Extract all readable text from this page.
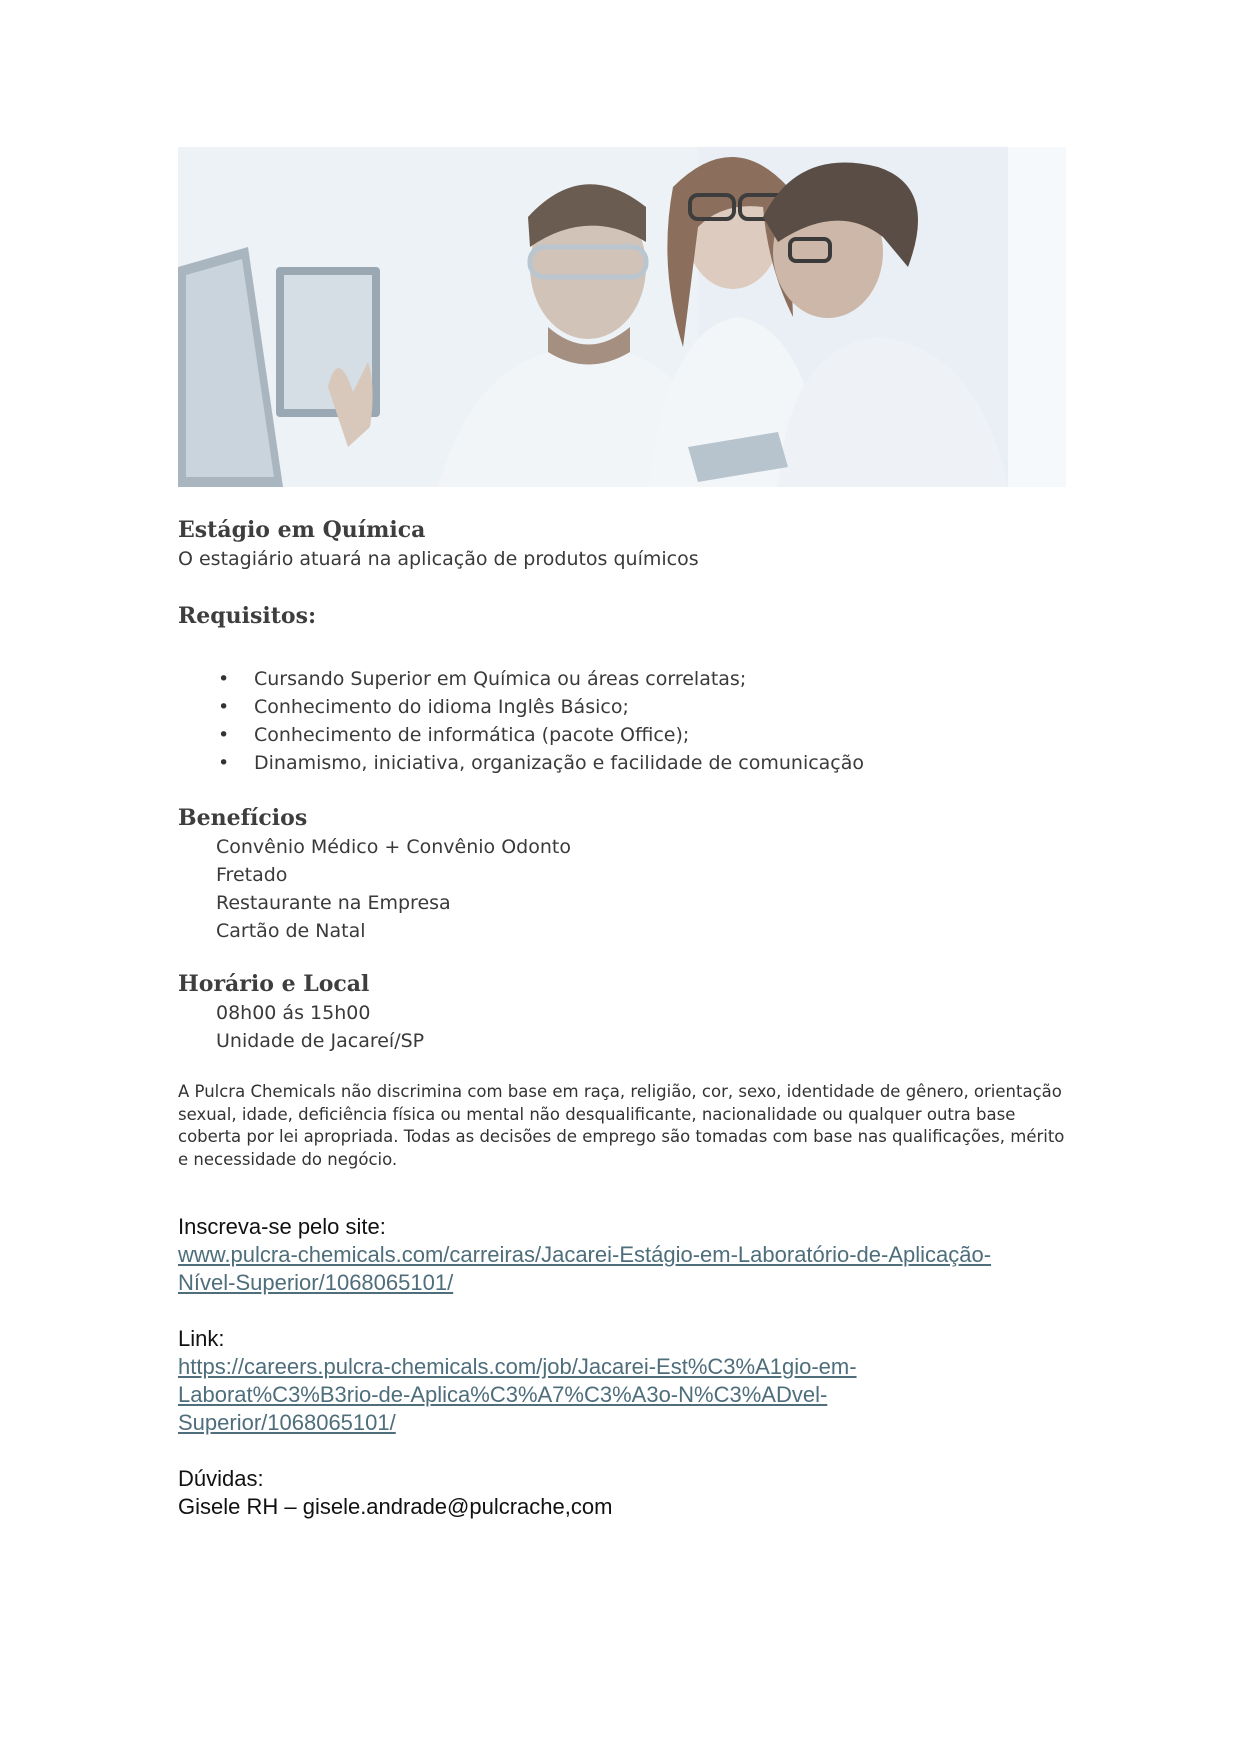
Estágio em Química

O estagiário atuará na aplicação de produtos químicos

Requisitos:
• Cursando Superior em Química ou áreas correlatas;
• Conhecimento do idioma Inglês Básico;
• Conhecimento de informática (pacote Office);
• Dinamismo, iniciativa, organização e facilidade de comunicação
Benefícios
Convênio Médico + Convênio Odonto
Fretado
Restaurante na Empresa
Cartão de Natal
Horário e Local
08h00 ás 15h00
Unidade de Jacareí/SP
A Pulcra Chemicals não discrimina com base em raça, religião, cor, sexo, identidade de gênero, orientação sexual, idade, deficiência física ou mental não desqualificante, nacionalidade ou qualquer outra base coberta por lei apropriada. Todas as decisões de emprego são tomadas com base nas qualificações, mérito e necessidade do negócio.
Inscreva-se pelo site:
www.pulcra-chemicals.com/carreiras/Jacarei-Estágio-em-Laboratório-de-Aplicação-
Nível-Superior/1068065101/
Link:
https://careers.pulcra-chemicals.com/job/Jacarei-Est%C3%A1gio-em-
Laborat%C3%B3rio-de-Aplica%C3%A7%C3%A3o-N%C3%ADvel-
Superior/1068065101/
Dúvidas:
Gisele RH – gisele.andrade@pulcrache,com
